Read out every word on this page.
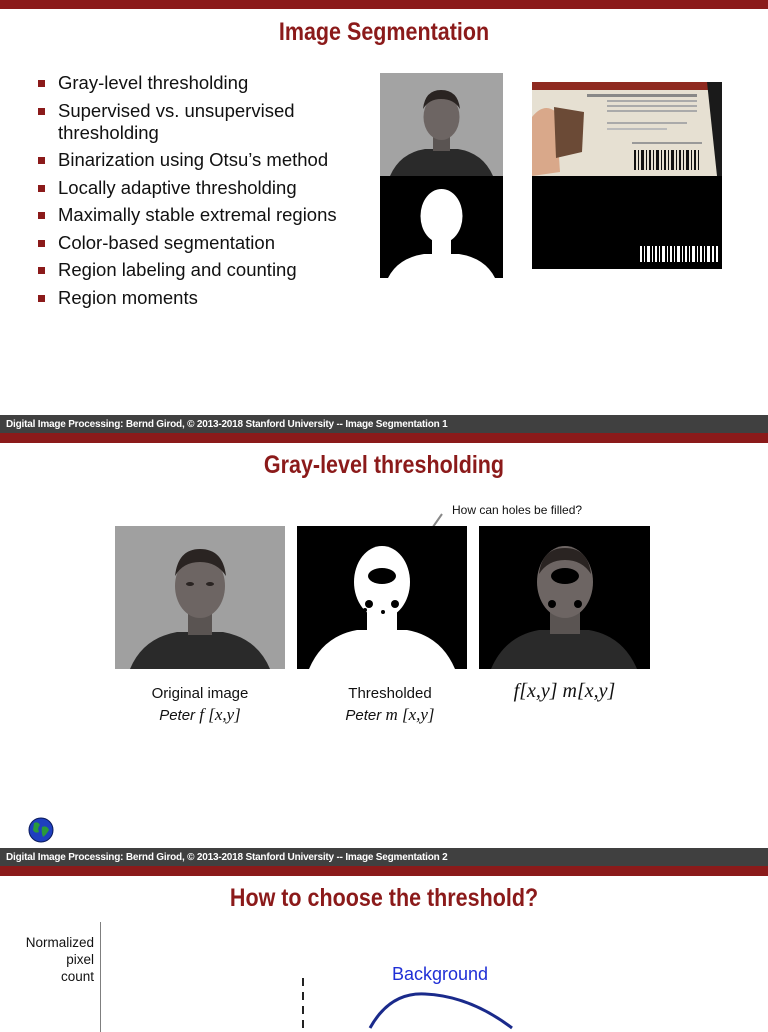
Image Segmentation
Gray-level thresholding
Supervised vs. unsupervised
thresholding
Binarization using Otsu’s method
Locally adaptive thresholding
Maximally stable extremal regions
Color-based segmentation
Region labeling and counting
Region moments
Digital Image Processing: Bernd Girod, © 2013-2018 Stanford University -- Image Segmentation 1
Gray-level thresholding
How can holes be filled?
Original image
Peter f [x,y]
Thresholded
Peter m [x,y]
f[x,y] m[x,y]
Digital Image Processing: Bernd Girod, © 2013-2018 Stanford University -- Image Segmentation 2
How to choose the threshold?
Normalized
pixel
count	Background
